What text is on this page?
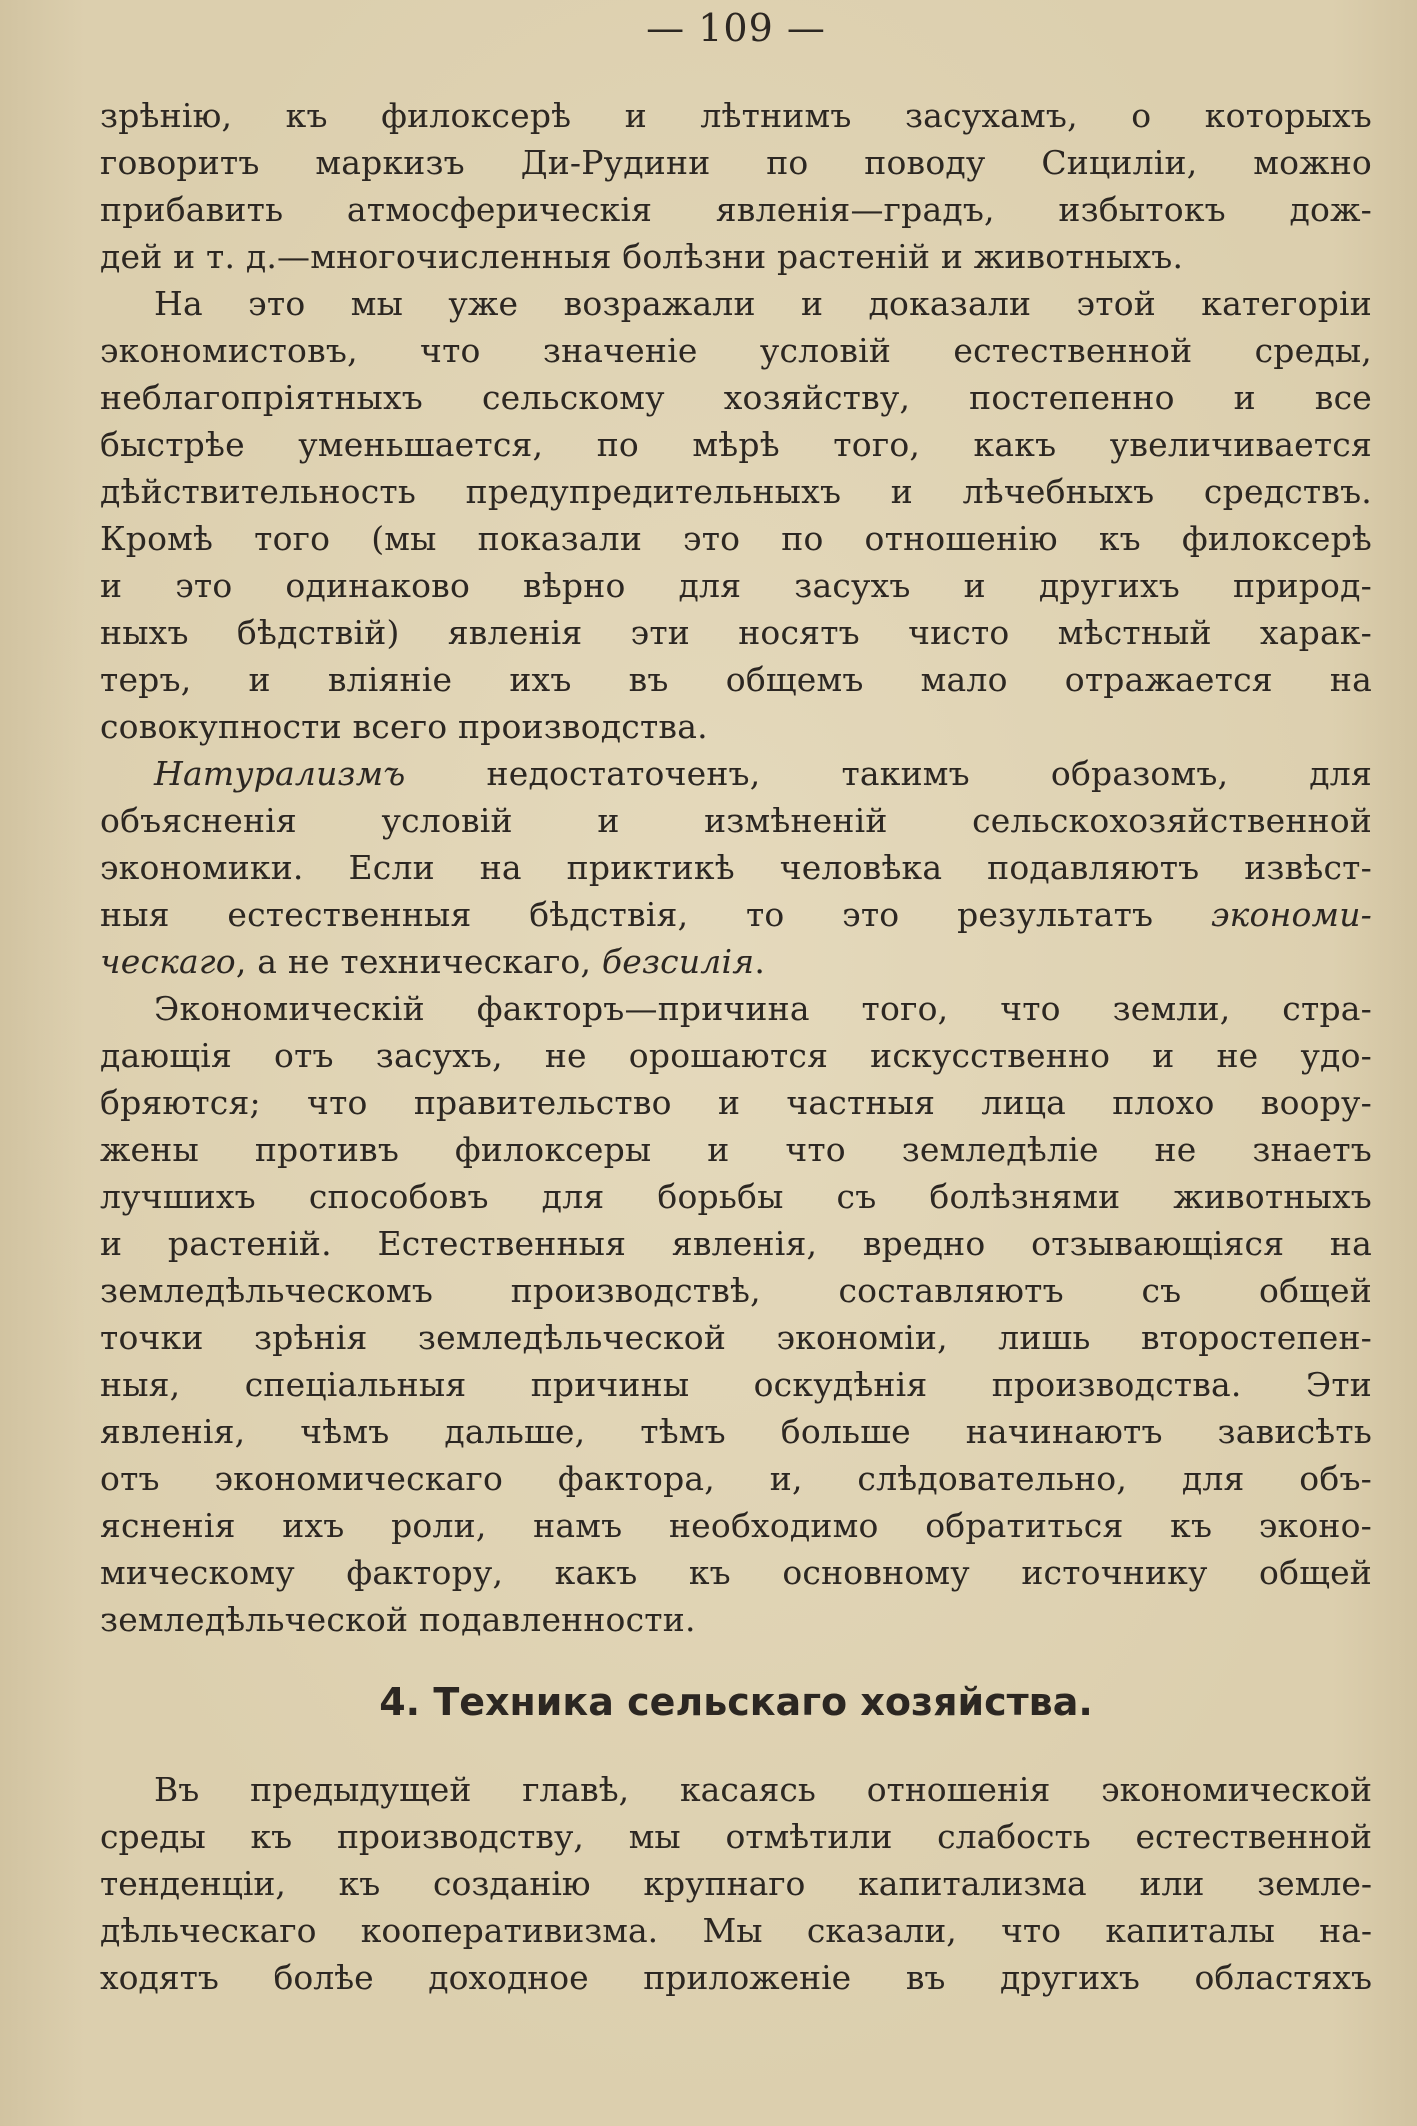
— 109 —

зрѣнію, къ филоксерѣ и лѣтнимъ засухамъ, о которыхъ
говоритъ маркизъ Ди-Рудини по поводу Сициліи, можно
прибавить атмосферическія явленія—градъ, избытокъ дож-
дей и т. д.—многочисленныя болѣзни растеній и животныхъ.

На это мы уже возражали и доказали этой категоріи
экономистовъ, что значеніе условій естественной среды,
неблагопріятныхъ сельскому хозяйству, постепенно и все
быстрѣе уменьшается, по мѣрѣ того, какъ увеличивается
дѣйствительность предупредительныхъ и лѣчебныхъ средствъ.
Кромѣ того (мы показали это по отношенію къ филоксерѣ
и это одинаково вѣрно для засухъ и другихъ природ-
ныхъ бѣдствій) явленія эти носятъ чисто мѣстный харак-
теръ, и вліяніе ихъ въ общемъ мало отражается на
совокупности всего производства.

Натурализмъ недостаточенъ, такимъ образомъ, для
объясненія условій и измѣненій сельскохозяйственной
экономики. Если на приктикѣ человѣка подавляютъ извѣст-
ныя естественныя бѣдствія, то это результатъ экономи-
ческаго, а не техническаго, безсилія.

Экономическій факторъ—причина того, что земли, стра-
дающія отъ засухъ, не орошаются искусственно и не удо-
бряются; что правительство и частныя лица плохо воору-
жены противъ филоксеры и что земледѣліе не знаетъ
лучшихъ способовъ для борьбы съ болѣзнями животныхъ
и растеній. Естественныя явленія, вредно отзывающіяся на
земледѣльческомъ производствѣ, составляютъ съ общей
точки зрѣнія земледѣльческой экономіи, лишь второстепен-
ныя, спеціальныя причины оскудѣнія производства. Эти
явленія, чѣмъ дальше, тѣмъ больше начинаютъ зависѣть
отъ экономическаго фактора, и, слѣдовательно, для объ-
ясненія ихъ роли, намъ необходимо обратиться къ эконо-
мическому фактору, какъ къ основному источнику общей
земледѣльческой подавленности.

4. Техника сельскаго хозяйства.

Въ предыдущей главѣ, касаясь отношенія экономической
среды къ производству, мы отмѣтили слабость естественной
тенденціи, къ созданію крупнаго капитализма или земле-
дѣльческаго кооперативизма. Мы сказали, что капиталы на-
ходятъ болѣе доходное приложеніе въ другихъ областяхъ
